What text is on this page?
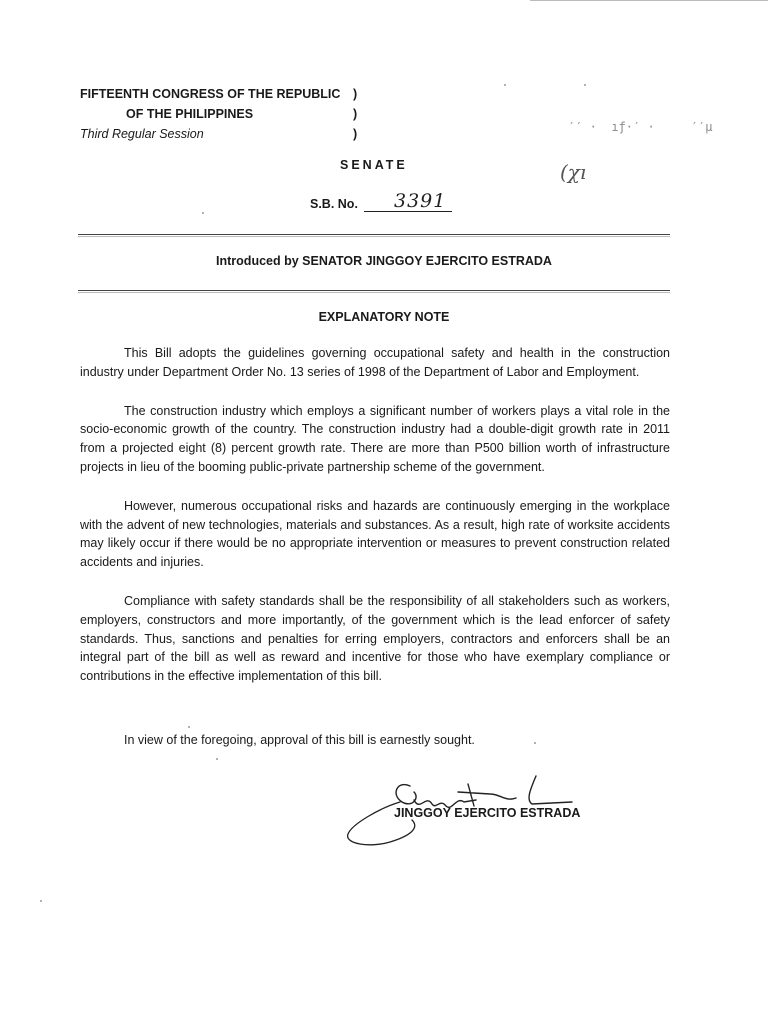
FIFTEENTH CONGRESS OF THE REPUBLIC
OF THE PHILIPPINES
Third Regular Session
)
)
)	′′ ·  ıƒ·′ ·     ′′µ
(χı
SENATE
S.B. No. 3391
Introduced by SENATOR JINGGOY EJERCITO ESTRADA
EXPLANATORY NOTE

This Bill adopts the guidelines governing occupational safety and health in the construction industry under Department Order No. 13 series of 1998 of the Department of Labor and Employment.

The construction industry which employs a significant number of workers plays a vital role in the socio-economic growth of the country. The construction industry had a double-digit growth rate in 2011 from a projected eight (8) percent growth rate. There are more than P500 billion worth of infrastructure projects in lieu of the booming public-private partnership scheme of the government.

However, numerous occupational risks and hazards are continuously emerging in the workplace with the advent of new technologies, materials and substances. As a result, high rate of worksite accidents may likely occur if there would be no appropriate intervention or measures to prevent construction related accidents and injuries.

Compliance with safety standards shall be the responsibility of all stakeholders such as workers, employers, constructors and more importantly, of the government which is the lead enforcer of safety standards. Thus, sanctions and penalties for erring employers, contractors and enforcers shall be an integral part of the bill as well as reward and incentive for those who have exemplary compliance or contributions in the effective implementation of this bill.

In view of the foregoing, approval of this bill is earnestly sought.
JINGGOY EJERCITO ESTRADA
